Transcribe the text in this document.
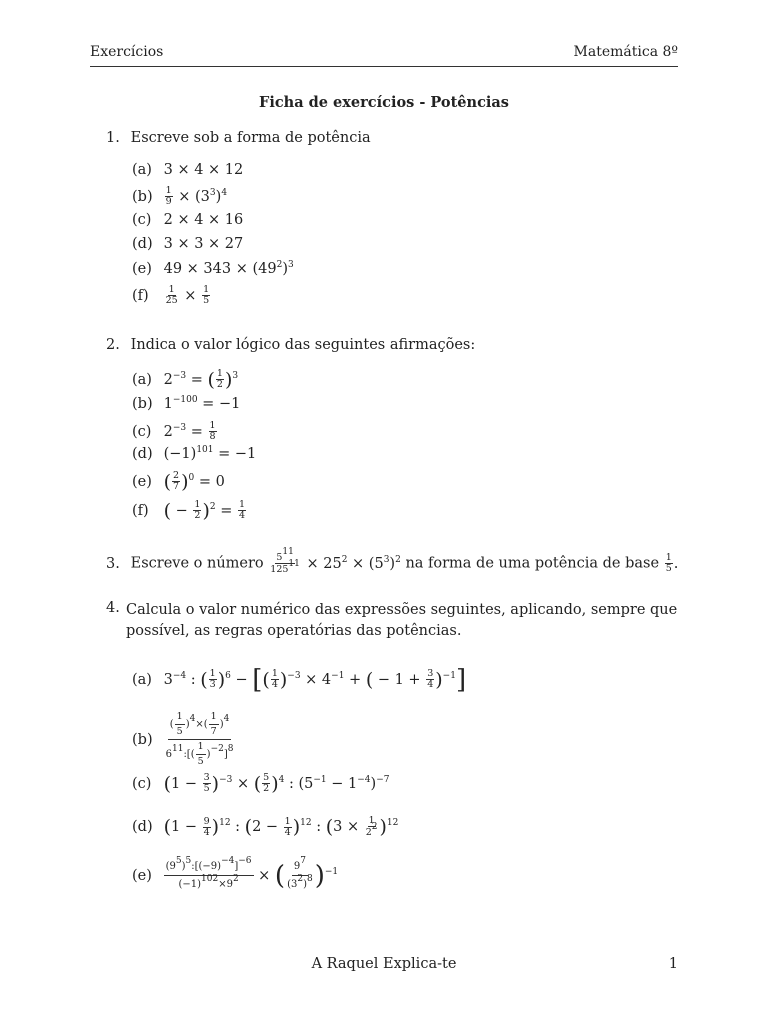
Exercícios	Matemática 8º
Ficha de exercícios - Potências
1. Escreve sob a forma de potência
(a) 3 × 4 × 12
$(b) \frac{1}{9} \times (3^3)^4$
(c) 2 × 4 × 16
(d) 3 × 3 × 27
(e) $49 \times 343 \times (49^2)^3$
$(f) \frac{1}{25} \times \frac{1}{5}$
2. Indica o valor lógico das seguintes afirmações:
(a) $2^{-3}$ = ( $\frac{1}{2} )^3$
(b) $1^{-100} = -1$
(c) $2^{-3} = \frac{1}{8}$
(d) $(-1)^{101} = -1$
(e) ( $\frac{2}{7} )^0 = 0$
(f) ( − $\frac{1}{2} )^2 = \frac{1}{4}$
3. Escreve o número $\frac{5^{11}}{125^{11}} \times 25^2 \times (5^3)^2$ na forma de uma potência de base $\frac{1}{5}$ .
4. Calcula o valor numérico das expressões seguintes, aplicando, sempre que possível, as regras operatórias das potências.
(a) $3^{-4}$ : ( $\frac{1}{3} )^6$ − [( $\frac{1}{4} )^{-3} \times 4^{-1}$ + ( − $1 + \frac{3}{4} )^{-1}$]
$(b) \frac{( \frac{1}{5} )^4\times( \frac{1}{7} )^4}{6^{11}:[( \frac{1}{5} )^{-2}]^8}$
(c) $(1 - \frac{3}{5} )^{-3}$ × ( $\frac{5}{2} )^4$ : $(5^{-1} - 1^{-4})^{-7}$
(d) $(1 - \frac{9}{4} )^{12}$ : $(2 - \frac{1}{4} )^{12}$ : $(3 \times \frac{1}{2^2} )^{12}$
$(e) \frac{(9^5)^5:[(-9)^{-4}]^{-6}}{(-1)^{102}\times 9^2}$ × ( $\frac{9^7}{(3^2)^8} )^{-1}$
A Raquel Explica-te	1
